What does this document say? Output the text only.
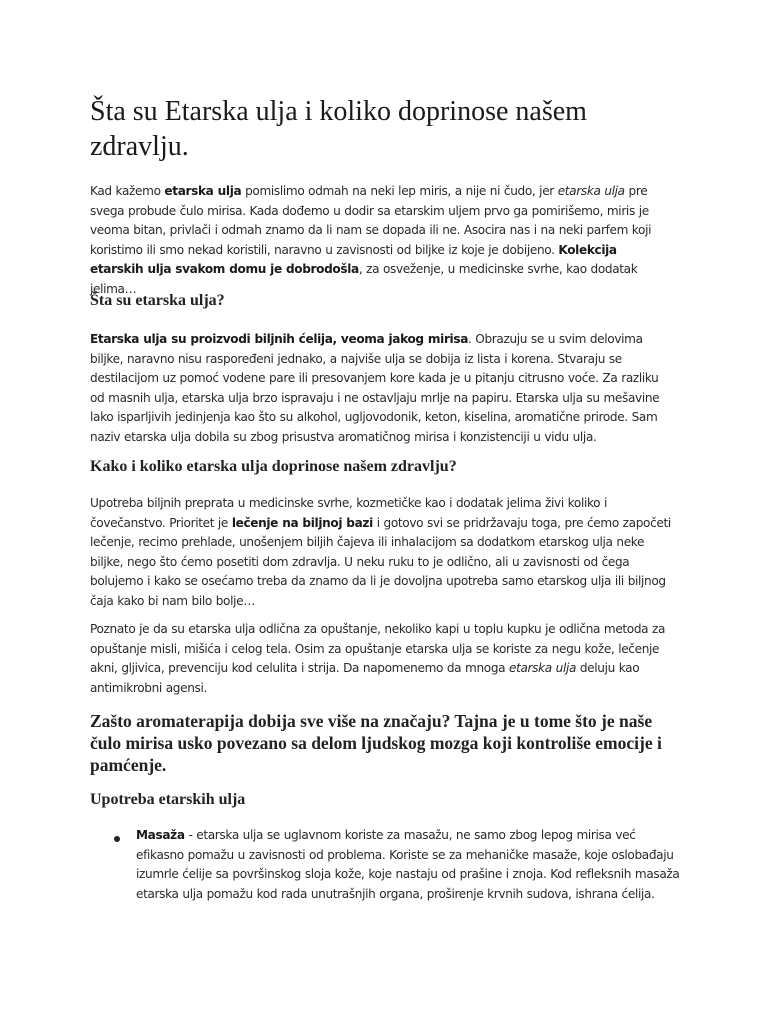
Šta su Etarska ulja i koliko doprinose našem zdravlju.

Kad kažemo etarska ulja pomislimo odmah na neki lep miris, a nije ni čudo, jer etarska ulja pre svega probude čulo mirisa. Kada dođemo u dodir sa etarskim uljem prvo ga pomirišemo, miris je veoma bitan, privlači i odmah znamo da li nam se dopada ili ne. Asocira nas i na neki parfem koji koristimo ili smo nekad koristili, naravno u zavisnosti od biljke iz koje je dobijeno. Kolekcija etarskih ulja svakom domu je dobrodošla, za osveženje, u medicinske svrhe, kao dodatak jelima…

Šta su etarska ulja?

Etarska ulja su proizvodi biljnih ćelija, veoma jakog mirisa. Obrazuju se u svim delovima biljke, naravno nisu raspoređeni jednako, a najviše ulja se dobija iz lista i korena. Stvaraju se destilacijom uz pomoć vodene pare ili presovanjem kore kada je u pitanju citrusno voće. Za razliku od masnih ulja, etarska ulja brzo ispravaju i ne ostavljaju mrlje na papiru. Etarska ulja su mešavine lako isparljivih jedinjenja kao što su alkohol, ugljovodonik, keton, kiselina, aromatične prirode. Sam naziv etarska ulja dobila su zbog prisustva aromatičnog mirisa i konzistenciji u vidu ulja.

Kako i koliko etarska ulja doprinose našem zdravlju?

Upotreba biljnih preprata u medicinske svrhe, kozmetičke kao i dodatak jelima živi koliko i čovečanstvo. Prioritet je lečenje na biljnoj bazi i gotovo svi se pridržavaju toga, pre ćemo započeti lečenje, recimo prehlade, unošenjem biljih čajeva ili inhalacijom sa dodatkom etarskog ulja neke biljke, nego što ćemo posetiti dom zdravlja. U neku ruku to je odlično, ali u zavisnosti od čega bolujemo i kako se osećamo treba da znamo da li je dovoljna upotreba samo etarskog ulja ili biljnog čaja kako bi nam bilo bolje…

Poznato je da su etarska ulja odlična za opuštanje, nekoliko kapi u toplu kupku je odlična metoda za opuštanje misli, mišića i celog tela. Osim za opuštanje etarska ulja se koriste za negu kože, lečenje akni, gljivica, prevenciju kod celulita i strija. Da napomenemo da mnoga etarska ulja deluju kao antimikrobni agensi.

Zašto aromaterapija dobija sve više na značaju? Tajna je u tome što je naše čulo mirisa usko povezano sa delom ljudskog mozga koji kontroliše emocije i pamćenje.
Upotreba etarskih ulja

Masaža - etarska ulja se uglavnom koriste za masažu, ne samo zbog lepog mirisa već efikasno pomažu u zavisnosti od problema. Koriste se za mehaničke masaže, koje oslobađaju izumrle ćelije sa površinskog sloja kože, koje nastaju od prašine i znoja. Kod refleksnih masaža etarska ulja pomažu kod rada unutrašnjih organa, proširenje krvnih sudova, ishrana ćelija.
